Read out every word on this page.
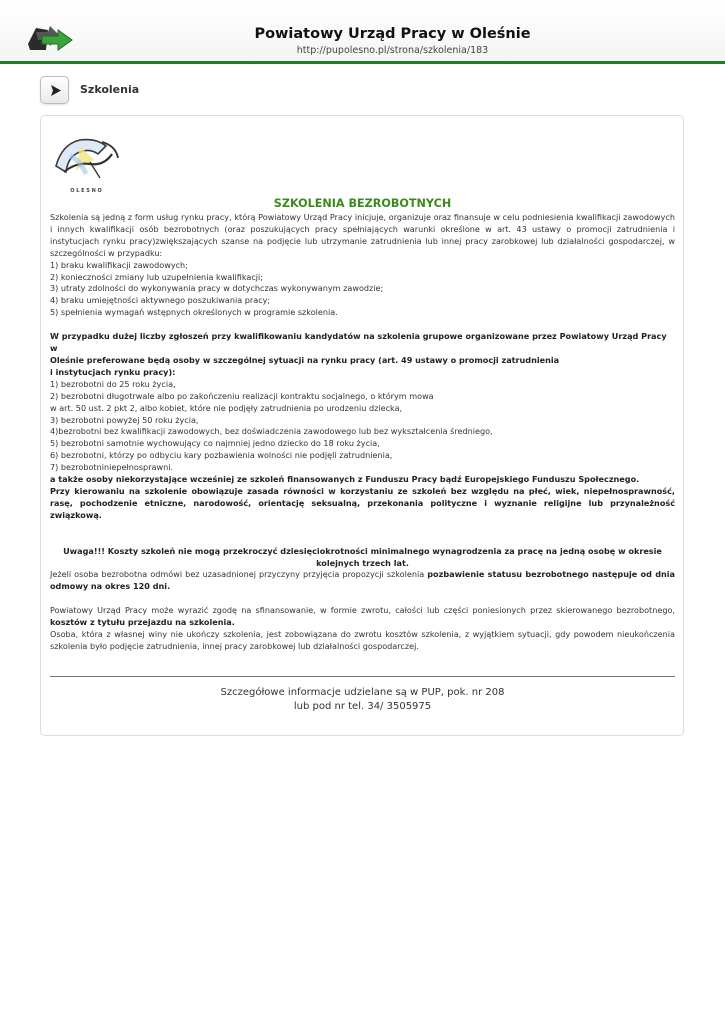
Powiatowy Urząd Pracy w Oleśnie
http://pupolesno.pl/strona/szkolenia/183
Szkolenia
O L E S N O

SZKOLENIA BEZROBOTNYCH

Szkolenia są jedną z form usług rynku pracy, którą Powiatowy Urząd Pracy inicjuje, organizuje oraz finansuje w celu podniesienia kwalifikacji zawodowych i innych kwalifikacji osób bezrobotnych (oraz poszukujących pracy spełniających warunki określone w art. 43 ustawy o promocji zatrudnienia i instytucjach rynku pracy)zwiększających szanse na podjęcie lub utrzymanie zatrudnienia lub innej pracy zarobkowej lub działalności gospodarczej, w szczególności w przypadku:

1) braku kwalifikacji zawodowych;

2) konieczności zmiany lub uzupełnienia kwalifikacji;

3) utraty zdolności do wykonywania pracy w dotychczas wykonywanym zawodzie;

4) braku umiejętności aktywnego poszukiwania pracy;

5) spełnienia wymagań wstępnych określonych w programie szkolenia.

W przypadku dużej liczby zgłoszeń przy kwalifikowaniu kandydatów na szkolenia grupowe organizowane przez Powiatowy Urząd Pracy w

Oleśnie preferowane będą osoby w szczególnej sytuacji na rynku pracy (art. 49 ustawy o promocji zatrudnienia

i instytucjach rynku pracy):

1) bezrobotni do 25 roku życia,

2) bezrobotni długotrwale albo po zakończeniu realizacji kontraktu socjalnego, o którym mowa

w art. 50 ust. 2 pkt 2, albo kobiet, które nie podjęły zatrudnienia po urodzeniu dziecka,

3) bezrobotni powyżej 50 roku życia,

4)bezrobotni bez kwalifikacji zawodowych, bez doświadczenia zawodowego lub bez wykształcenia średniego,

5) bezrobotni samotnie wychowujący co najmniej jedno dziecko do 18 roku życia,

6) bezrobotni, którzy po odbyciu kary pozbawienia wolności nie podjęli zatrudnienia,

7) bezrobotniniepełnosprawni.

a także osoby niekorzystające wcześniej ze szkoleń finansowanych z Funduszu Pracy bądź Europejskiego Funduszu Społecznego.

Przy kierowaniu na szkolenie obowiązuje zasada równości w korzystaniu ze szkoleń bez względu na płeć, wiek, niepełnosprawność, rasę, pochodzenie etniczne, narodowość, orientację seksualną, przekonania polityczne i wyznanie religijne lub przynależność związkową.

Uwaga!!! Koszty szkoleń nie mogą przekroczyć dziesięciokrotności minimalnego wynagrodzenia za pracę na jedną osobę w okresie

kolejnych trzech lat.

Jeżeli osoba bezrobotna odmówi bez uzasadnionej przyczyny przyjęcia propozycji szkolenia pozbawienie statusu bezrobotnego następuje od dnia odmowy na okres 120 dni.

Powiatowy Urząd Pracy może wyrazić zgodę na sfinansowanie, w formie zwrotu, całości lub części poniesionych przez skierowanego bezrobotnego, kosztów z tytułu przejazdu na szkolenia.

Osoba, która z własnej winy nie ukończy szkolenia, jest zobowiązana do zwrotu kosztów szkolenia, z wyjątkiem sytuacji, gdy powodem nieukończenia szkolenia było podjęcie zatrudnienia, innej pracy zarobkowej lub działalności gospodarczej.

Szczegółowe informacje udzielane są w PUP, pok. nr 208
lub pod nr tel. 34/ 3505975
